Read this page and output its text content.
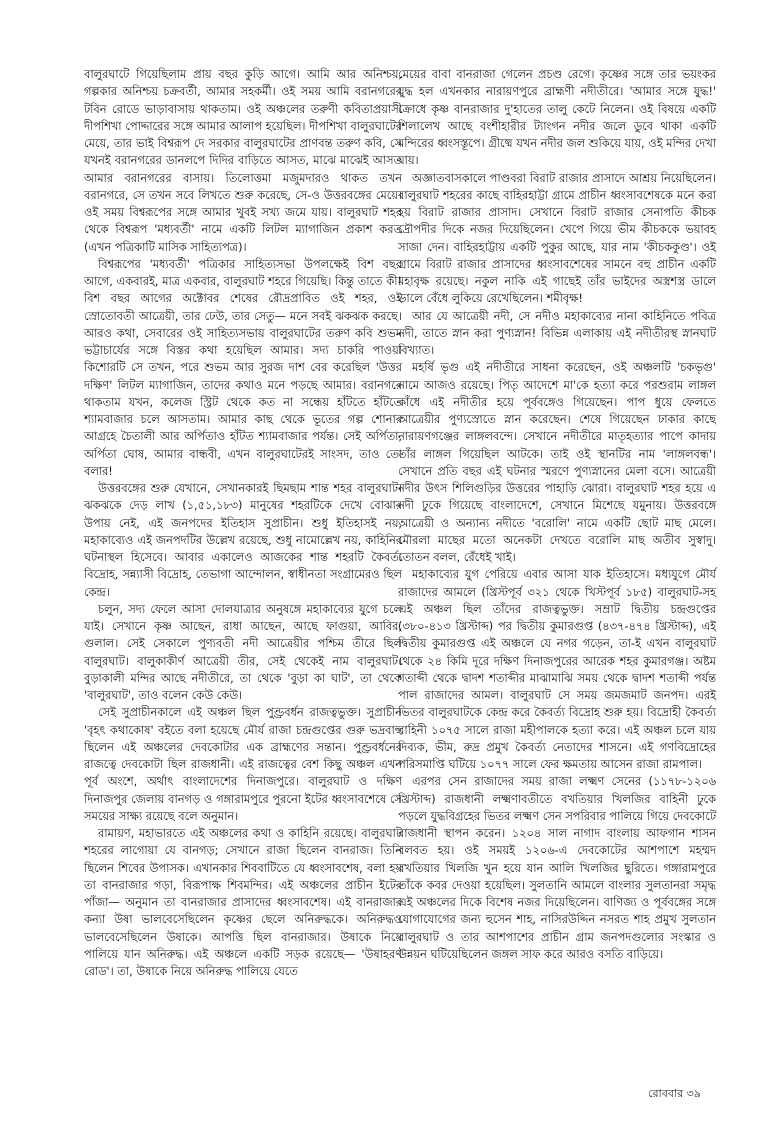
বালুরঘাটে গিয়েছিলাম প্রায় বছর কুড়ি আগে। আমি আর অনিশ্চয়, গল্পকার অনিশ্চয় চক্রবর্তী, আমার সহকর্মী। ওই সময় আমি বরানগরের টবিন রোডে ভাড়াবাসায় থাকতাম। ওই অঞ্চলের তরুণী কবিতাপ্রয়াসী দীপশিখা পোদ্দারের সঙ্গে আমার আলাপ হয়েছিল। দীপশিখা বালুরঘাটের মেয়ে, তার ভাই বিশ্বরূপ দে সরকার বালুরঘাটের প্রাণবন্ত তরুণ কবি, সে যখনই বরানগরের ডানলপে দিদির বাড়িতে আসত, মাঝে মাঝেই আসত আমার বরানগরের বাসায়। তিলোত্তমা মজুমদারও থাকত তখন বরানগরে, সে তখন সবে লিখতে শুরু করেছে, সে-ও উত্তরবঙ্গের মেয়ে। ওই সময় বিশ্বরূপের সঙ্গে আমার খুবই সখ্য জমে যায়। বালুরঘাট শহর থেকে বিশ্বরূপ 'মধ্যবর্তী' নামে একটি লিটল ম্যাগাজিন প্রকাশ করত (এখন পত্রিকাটি মাসিক সাহিত্যপত্র)।

বিশ্বরূপের 'মধ্যবর্তী' পত্রিকার সাহিত্যসভা উপলক্ষেই বিশ বছর আগে, একবারই, মাত্র একবার, বালুরঘাট শহরে গিয়েছি। কিন্তু তাতে কী! বিশ বছর আগের অক্টোবর শেষের রৌদ্রপ্রাবিত ওই শহর, ওই স্রোতোবতী আত্রেয়ী, তার ঢেউ, তার সেতু— মনে সবই ঝকঝক করছে। আরও কথা, সেবারের ওই সাহিত্যসভায় বালুরঘাটের তরুণ কবি শুভম ভট্টাচার্যের সঙ্গে বিস্তর কথা হয়েছিল আমার। সদ্য চাকরি পাওয়া কিশোরটি সে তখন, পরে শুভম আর সুরজ দাশ বের করেছিল 'উত্তর দক্ষিণ' লিটল ম্যাগাজিন, তাদের কথাও মনে পড়ছে আমার। বরানগরে থাকতাম যখন, কলেজ স্ট্রিট থেকে কত না সন্ধেয় হাঁটতে হাঁটতে শ্যামবাজার চলে আসতাম। আমার কাছ থেকে ভূতের গল্প শোনার আগ্রহে চৈতালী আর অর্পিতাও হাঁটত শ্যামবাজার পর্যন্ত। সেই অর্পিতা, অর্পিতা ঘোষ, আমার বান্ধবী, এখন বালুরঘাটেরই সাংসদ, তাও তো বলার!

উত্তরবঙ্গের শুরু যেখানে, সেখানকারই ছিমছাম শান্ত শহর বালুরঘাট। ঝকঝকে দেড় লাখ (১,৫১,১৮৩) মানুষের শহরটিকে দেখে বোঝার উপায় নেই, এই জনপদের ইতিহাস সুপ্রাচীন। শুধু ইতিহাসই নয়, মহাকাব্যেও এই জনপদটির উল্লেখ রয়েছে, শুধু নামোল্লেখ নয়, কাহিনির ঘটনাস্থল হিসেবে। আবার একালেও আজকের শান্ত শহরটি কৈবর্ত্য বিদ্রোহ, সন্ন্যাসী বিদ্রোহ, তেভাগা আন্দোলন, স্বাধীনতা সংগ্রামেরও ছিল কেন্দ্র।

চলুন, সদ্য ফেলে আসা দোলযাত্রার অনুষঙ্গে মহাকাব্যের যুগে চলে যাই। সেখানে কৃষ্ণ আছেন, রাধা আছেন, আছে ফাগুয়া, আবির, গুলাল। সেই সেকালে পুণ্যবতী নদী আত্রেয়ীর পশ্চিম তীরে ছিল বালুরঘাট। বালুকাকীর্ণ আত্রেয়ী তীর, সেই থেকেই নাম বালুরঘাট। বুড়াকালী মন্দির আছে নদীতীরে, তা থেকে 'বুড়া কা ঘাট', তা থেকে 'বালুরঘাট', তাও বলেন কেউ কেউ।

সেই সুপ্রাচীনকালে এই অঞ্চল ছিল পুণ্ড্রবর্ধন রাজত্বভুক্ত। সুপ্রাচীন 'বৃহৎ কথাকোষ' বইতে বলা হয়েছে মৌর্য রাজা চন্দ্রগুপ্তের গুরু ভদ্রবাহু ছিলেন এই অঞ্চলের দেবকোটার এক ব্রাহ্মণের সন্তান। পুণ্ড্রবর্ধনের রাজত্বে দেবকোটা ছিল রাজধানী। এই রাজত্বের বেশ কিছু অঞ্চল এখন পূর্ব অংশে, অর্থাৎ বাংলাদেশের দিনাজপুরে। বালুরঘাট ও দক্ষিণ দিনাজপুর জেলায় বানগড় ও গঙ্গারামপুরে পুরনো ইটের ধ্বংসাবশেষে সে সময়ের সাক্ষ্য রয়েছে বলে অনুমান।

রামায়ণ, মহাভারতে এই অঞ্চলের কথা ও কাহিনি রয়েছে। বালুরঘাট শহরের লাগোয়া যে বানগড়; সেখানে রাজা ছিলেন বানরাজ। তিনি ছিলেন শিবের উপাসক। এখানকার শিববাটিতে যে ধ্বংসাবশেষ, বলা হয় তা বানরাজার গড়া, বিরূপাক্ষ শিবমন্দির। এই অঞ্চলের প্রাচীন ইটের পাঁজা— অনুমান তা বানরাজার প্রাসাদের ধ্বংসাবশেষ। এই বানরাজার কন্যা উষা ভালবেসেছিলেন কৃষ্ণের ছেলে অনিরুদ্ধকে। অনিরুদ্ধও ভালবেসেছিলেন উষাকে। আপত্তি ছিল বানরাজার। উষাকে নিয়ে পালিয়ে যান অনিরুদ্ধ। এই অঞ্চলে একটি সড়ক রয়েছে— 'উষাহরণ রোড'। তা, উষাকে নিয়ে অনিরুদ্ধ পালিয়ে যেতে

মেয়ের বাবা বানরাজা গেলেন প্রচণ্ড রেগে। কৃষ্ণের সঙ্গে তার ভয়ংকর যুদ্ধ হল এখনকার নারায়ণপুরে ব্রাহ্মণী নদীতীরে। 'আমার সঙ্গে যুদ্ধ!' ক্রোধে কৃষ্ণ বানরাজার দু'হাতের তালু কেটে নিলেন। ওই বিষয়ে একটি শিলালেখ আছে বংশীহারীর ট্যাংগন নদীর জলে ডুবে থাকা একটি মন্দিরের ধ্বংসস্তূপে। গ্রীষ্মে যখন নদীর জল শুকিয়ে যায়, ওই মন্দির দেখা যায়।

অজ্ঞাতবাসকালে পাণ্ডবরা বিরাট রাজার প্রাসাদে আশ্রয় নিয়েছিলেন। বালুরঘাট শহরের কাছে বাহিরহাট্টা গ্রামে প্রাচীন ধ্বংসাবশেষকে মনে করা হয় বিরাট রাজার প্রাসাদ। সেখানে বিরাট রাজার সেনাপতি কীচক দ্রৌপদীর দিকে নজর দিয়েছিলেন। খেপে গিয়ে ভীম কীচককে ভয়াবহ সাজা দেন। বাহিরহাট্টায় একটি পুকুর আছে, যার নাম 'কীচককুণ্ড'। ওই গ্রামে বিরাট রাজার প্রাসাদের ধ্বংসাবশেষের সামনে বহু প্রাচীন একটি মহাবৃক্ষ রয়েছে। নকুল নাকি এই গাছেই তাঁর ভাইদের অস্ত্রশস্ত্র ডালে ডালে বেঁধে লুকিয়ে রেখেছিলেন। শমীবৃক্ষ!

আর যে আত্রেয়ী নদী, সে নদীও মহাকাব্যের নানা কাহিনিতে পবিত্র নদী, তাতে স্নান করা পুণ্যস্নান! বিভিন্ন এলাকায় এই নদীতীরস্থ স্নানঘাট বিখ্যাত।

মহর্ষি ভৃগু এই নদীতীরে সাধনা করেছেন, ওই অঞ্চলটি 'চকভৃগু' নামে আজও রয়েছে। পিতৃ আদেশে মা'কে হত্যা করে পরশুরাম লাঙ্গল কাঁধে এই নদীতীর হয়ে পূর্ববঙ্গেও গিয়েছেন। পাপ ধুয়ে ফেলতে আত্রেয়ীর পুণ্যস্রোতে স্নান করেছেন। শেষে গিয়েছেন ঢাকার কাছে নারায়ণগঞ্জের লাঙ্গলবন্দে। সেখানে নদীতীরে মাতৃহত্যার পাপে কাদায় তাঁর লাঙ্গল গিয়েছিল আটকে। তাই ওই স্থানটির নাম 'লাঙ্গলবন্ধ'। সেখানে প্রতি বছর এই ঘটনার স্মরণে পুণ্যস্নানের মেলা বসে। আত্রেয়ী নদীর উৎস শিলিগুড়ির উত্তরের পাহাড়ি ঝোরা। বালুরঘাট শহর হয়ে এ নদী ঢুকে গিয়েছে বাংলাদেশে, সেখানে মিশেছে যমুনায়। উত্তরবঙ্গে আত্রেয়ী ও অন্যান্য নদীতে 'বরোলি' নামে একটি ছোট মাছ মেলে। মৌরলা মাছের মতো অনেকটা দেখতে বরোলি মাছ অতীব সুস্বাদু। তোতন বলল, রেঁধেই খাই।

মহাকাব্যের যুগ পেরিয়ে এবার আসা যাক ইতিহাসে। মধ্যযুগে মৌর্য রাজাদের আমলে (খ্রিস্টপূর্ব ৩২১ থেকে খিস্টপূর্ব ১৮৫) বালুরঘাট-সহ এই অঞ্চল ছিল তাঁদের রাজত্বভুক্ত। সম্রাট দ্বিতীয় চন্দ্রগুপ্তের (৩৮০-৪১৩ খ্রিস্টাব্দ) পর দ্বিতীয় কুমারগুপ্ত (৪৩৭-৪৭৪ খ্রিস্টাব্দ), এই দ্বিতীয় কুমারগুপ্ত এই অঞ্চলে যে নগর গড়েন, তা-ই এখন বালুরঘাট থেকে ২৪ কিমি দূরে দক্ষিণ দিনাজপুরের আরেক শহর কুমারগঞ্জ। অষ্টম শতাব্দী থেকে দ্বাদশ শতাব্দীর মাঝামাঝি সময় থেকে দ্বাদশ শতাব্দী পর্যন্ত পাল রাজাদের আমল। বালুরঘাট সে সময় জমজমাট জনপদ। এরই ভিতর বালুরঘাটকে কেন্দ্র করে কৈবর্ত্য বিদ্রোহ শুরু হয়। বিদ্রোহী কৈবর্ত্য বাহিনী ১০৭৫ সালে রাজা মহীপালকে হত্যা করে। এই অঞ্চল চলে যায় দিব্যক, ভীম, রুদ্র প্রমুখ কৈবর্ত্য নেতাদের শাসনে। এই গণবিদ্রোহের পরিসমাপ্তি ঘটিয়ে ১০৭৭ সালে ফের ক্ষমতায় আসেন রাজা রামপাল।

এরপর সেন রাজাদের সময় রাজা লক্ষ্মণ সেনের (১১৭৮-১২০৬ খ্রিস্টাব্দ) রাজধানী লক্ষ্মণাবতীতে বখতিয়ার খিলজির বাহিনী ঢুকে পড়লে যুদ্ধবিগ্রহের ভিতর লক্ষ্মণ সেন সপরিবার পালিয়ে গিয়ে দেবকোটে রাজধানী স্থাপন করেন। ১২০৪ সাল নাগাদ বাংলায় আফগান শাসন বলবত হয়। ওই সময়ই ১২০৬-এ দেবকোটের আশপাশে মহম্মদ বখতিয়ার খিলজি খুন হয়ে যান আলি খিলজির ছুরিতে। গঙ্গারামপুরে তাঁকে কবর দেওয়া হয়েছিল। সুলতানি আমলে বাংলার সুলতানরা সমৃদ্ধ এই অঞ্চলের দিকে বিশেষ নজর দিয়েছিলেন। বাণিজ্য ও পূর্ববঙ্গের সঙ্গে যোগাযোগের জন্য হুসেন শাহ, নাসিরউদ্দিন নসরত শাহ প্রমুখ সুলতান বালুরঘাট ও তার আশপাশের প্রাচীন গ্রাম জনপদগুলোর সংস্কার ও উন্নয়ন ঘটিয়েছিলেন জঙ্গল সাফ করে আরও বসতি বাড়িয়ে।

রোববার ৩৯
